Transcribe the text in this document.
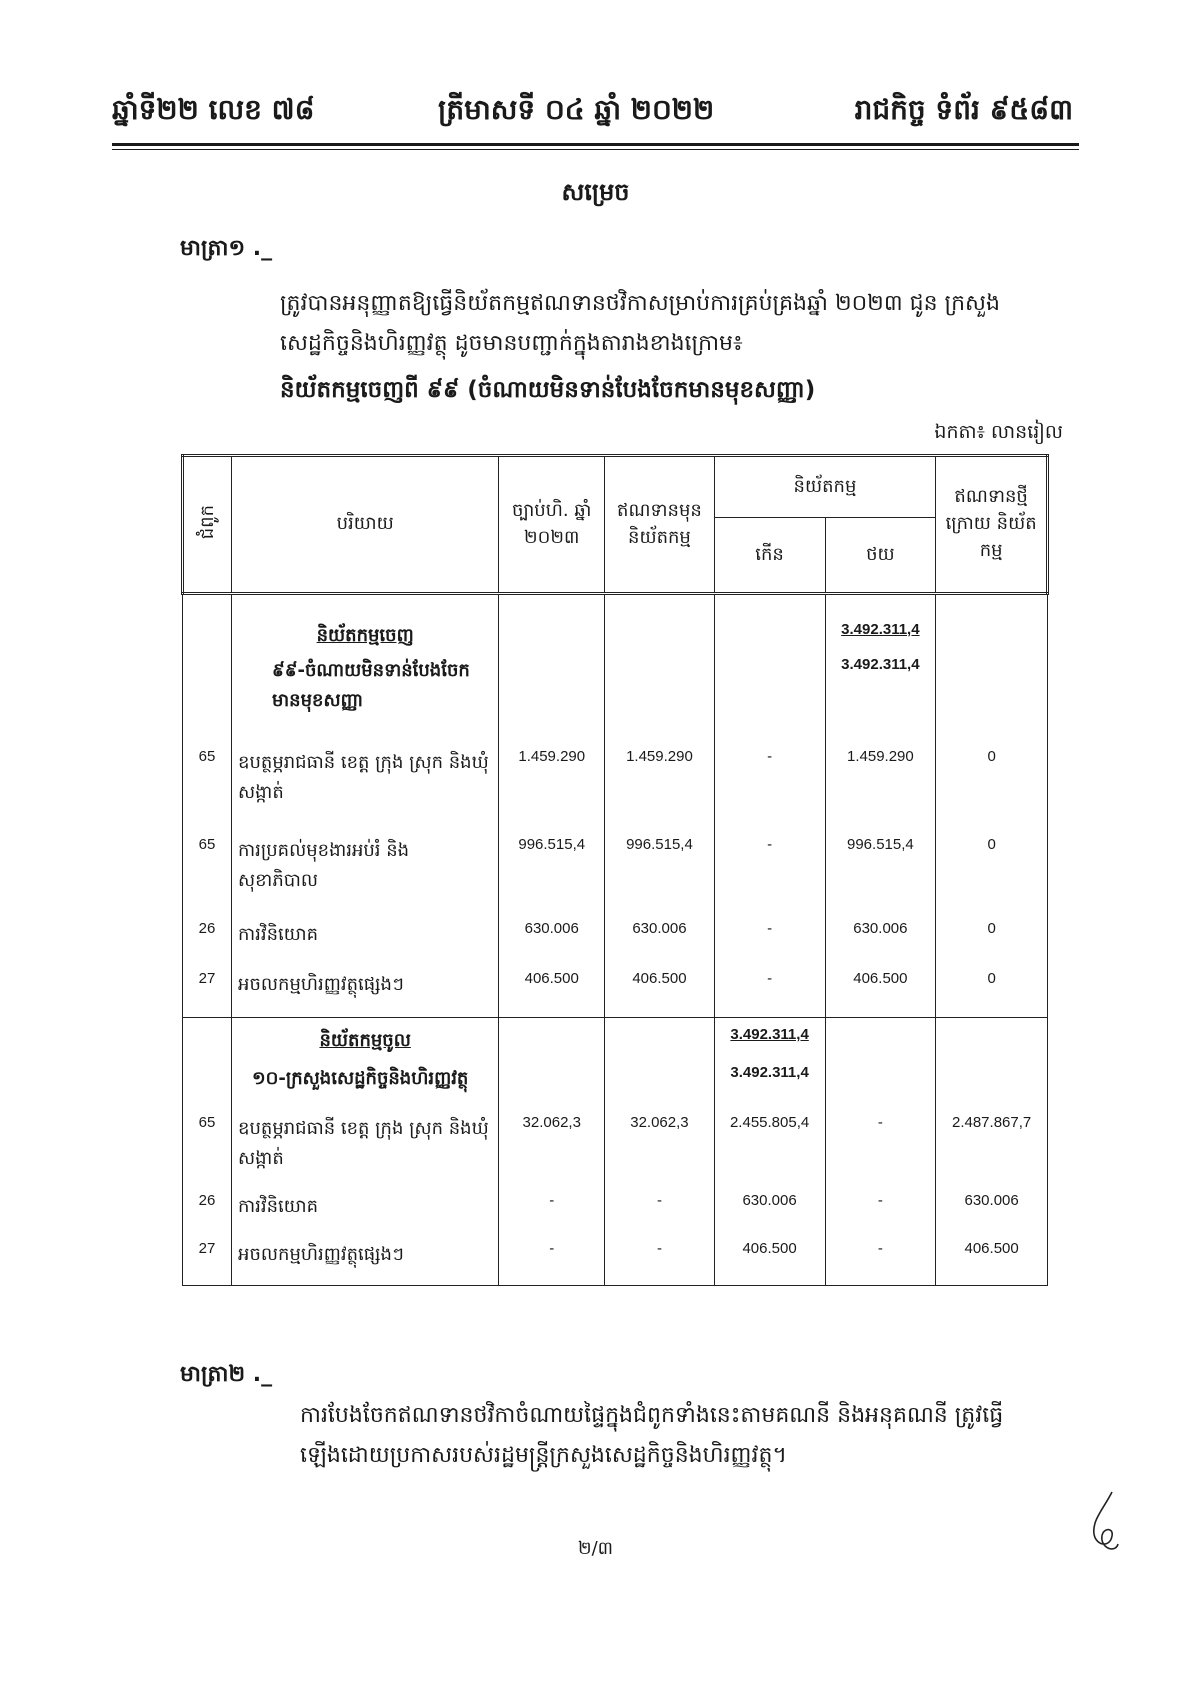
ឆ្នាំទី២២ លេខ ៧៨	ត្រីមាសទី ០៤ ឆ្នាំ ២០២២	រាជកិច្ច ទំព័រ ៩៥៨៣
សម្រេច
មាត្រា១ ._
ត្រូវបានអនុញ្ញាតឱ្យធ្វើនិយ័តកម្មឥណទានថវិកាសម្រាប់ការគ្រប់គ្រងឆ្នាំ ២០២៣ ជូន ក្រសួងសេដ្ឋកិច្ចនិងហិរញ្ញវត្ថុ ដូចមានបញ្ជាក់ក្នុងតារាងខាងក្រោម៖
និយ័តកម្មចេញពី ៩៩ (ចំណាយមិនទាន់បែងចែកមានមុខសញ្ញា)
ឯកតា៖ លានរៀល
ជំពូក	បរិយាយ	ច្បាប់ហិ. ឆ្នាំ ២០២៣	ឥណទានមុន និយ័តកម្ម	និយ័តកម្ម		ឥណទានថ្មី ក្រោយ និយ័តកម្ម
				កើន	ថយ	
	និយ័តកម្មចេញ				3.492.311,4	
	៩៩-ចំណាយមិនទាន់បែងចែក មានមុខសញ្ញា				3.492.311,4	
65	ឧបត្ថម្ភរាជធានី ខេត្ត ក្រុង ស្រុក និងឃុំ សង្កាត់	1.459.290	1.459.290	-	1.459.290	0
65	ការប្រគល់មុខងារអប់រំ និង សុខាភិបាល	996.515,4	996.515,4	-	996.515,4	0
26	ការវិនិយោគ	630.006	630.006	-	630.006	0
27	អចលកម្មហិរញ្ញវត្ថុផ្សេងៗ	406.500	406.500	-	406.500	0
	និយ័តកម្មចូល			3.492.311,4		
	១០-ក្រសួងសេដ្ឋកិច្ចនិងហិរញ្ញវត្ថុ			3.492.311,4		
65	ឧបត្ថម្ភរាជធានី ខេត្ត ក្រុង ស្រុក និងឃុំ សង្កាត់	32.062,3	32.062,3	2.455.805,4	-	2.487.867,7
26	ការវិនិយោគ	-	-	630.006	-	630.006
27	អចលកម្មហិរញ្ញវត្ថុផ្សេងៗ	-	-	406.500	-	406.500
មាត្រា២ ._
ការបែងចែកឥណទានថវិកាចំណាយផ្ទៃក្នុងជំពូកទាំងនេះតាមគណនី និងអនុគណនី ត្រូវធ្វើឡើងដោយប្រកាសរបស់រដ្ឋមន្ត្រីក្រសួងសេដ្ឋកិច្ចនិងហិរញ្ញវត្ថុ។
២/៣
